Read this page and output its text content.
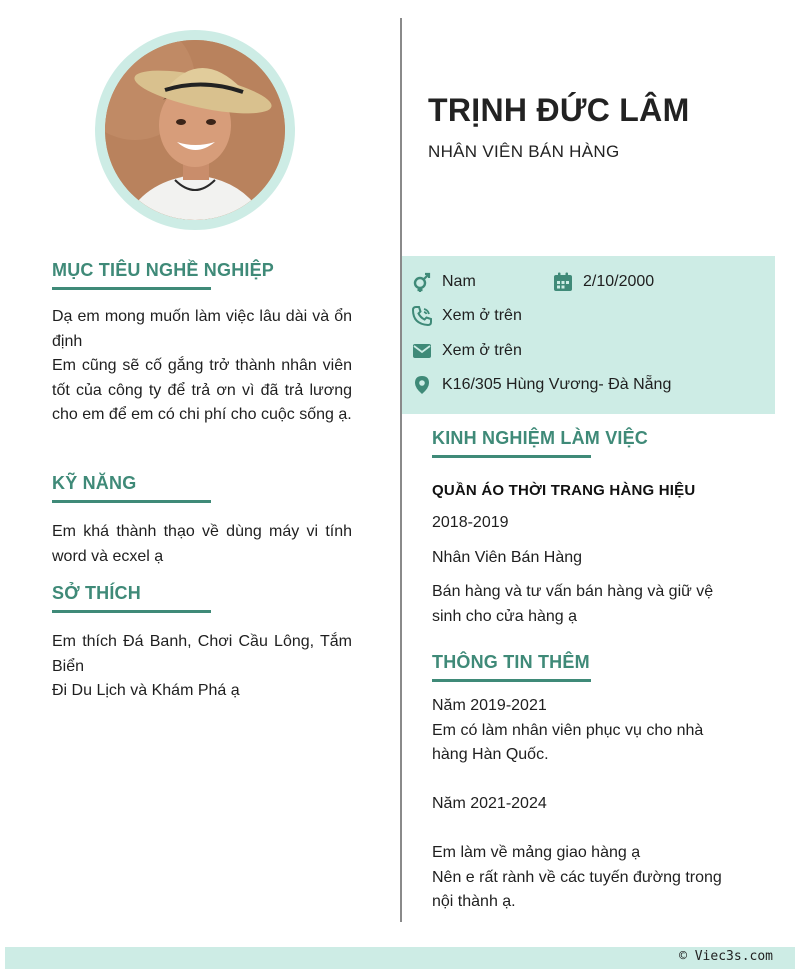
MỤC TIÊU NGHỀ NGHIỆP
Dạ em mong muốn làm việc lâu dài và ổn định
Em cũng sẽ cố gắng trở thành nhân viên tốt của công ty để trả ơn vì đã trả lương cho em để em có chi phí cho cuộc sống ạ.
KỸ NĂNG
Em khá thành thạo về dùng máy vi tính word và ecxel ạ
SỞ THÍCH
Em thích Đá Banh, Chơi Cầu Lông, Tắm Biển
Đi Du Lịch và Khám Phá ạ
TRỊNH ĐỨC LÂM
NHÂN VIÊN BÁN HÀNG
Nam	2/10/2000
Xem ở trên
Xem ở trên
K16/305 Hùng Vương- Đà Nẵng
KINH NGHIỆM LÀM VIỆC
QUẦN ÁO THỜI TRANG HÀNG HIỆU
2018-2019
Nhân Viên Bán Hàng
Bán hàng và tư vấn bán hàng và giữ vệ sinh cho cửa hàng ạ
THÔNG TIN THÊM
Năm 2019-2021
Em có làm nhân viên phục vụ cho nhà hàng Hàn Quốc.
Năm 2021-2024
Em làm về mảng giao hàng ạ
Nên e rất rành về các tuyến đường trong nội thành ạ.
© Viec3s.com
